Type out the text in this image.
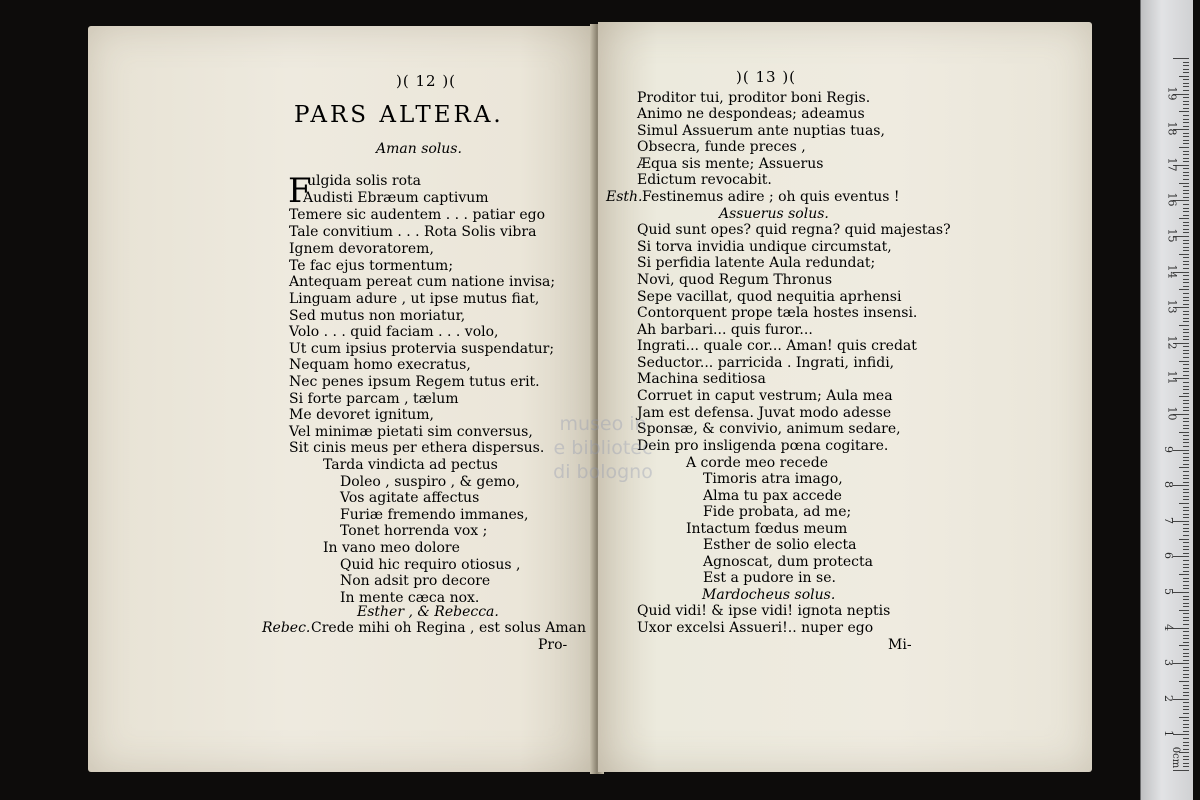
)( 12 )(
PARS ALTERA.
F
Aman solus.
ulgida solis rota
Audisti Ebræum captivum
Temere sic audentem . . . patiar ego
Tale convitium . . . Rota Solis vibra
Ignem devoratorem,
Te fac ejus tormentum;
Antequam pereat cum natione invisa;
Linguam adure , ut ipse mutus fiat,
Sed mutus non moriatur,
Volo . . . quid faciam . . . volo,
Ut cum ipsius protervia suspendatur;
Nequam homo execratus,
Nec penes ipsum Regem tutus erit.
Si forte parcam , tælum
Me devoret ignitum,
Vel minimæ pietati sim conversus,
Sit cinis meus per ethera dispersus.
Tarda vindicta ad pectus
Doleo , suspiro , & gemo,
Vos agitate affectus
Furiæ fremendo immanes,
Tonet horrenda vox ;
In vano meo dolore
Quid hic requiro otiosus ,
Non adsit pro decore
In mente cæca nox.
Esther , & Rebecca.
Rebec. Crede mihi oh Regina , est solus Aman
Pro-
)( 13 )(
Proditor tui, proditor boni Regis.
Animo ne despondeas; adeamus
Simul Assuerum ante nuptias tuas,
Obsecra, funde preces ,
Æqua sis mente; Assuerus
Edictum revocabit.
Esth. Festinemus adire ; oh quis eventus !
Assuerus solus.
Quid sunt opes? quid regna? quid majestas?
Si torva invidia undique circumstat,
Si perfidia latente Aula redundat;
Novi, quod Regum Thronus
Sepe vacillat, quod nequitia aprhensi
Contorquent prope tæla hostes insensi.
Ah barbari... quis furor...
Ingrati... quale cor... Aman! quis credat
Seductor... parricida . Ingrati, infidi,
Machina seditiosa
Corruet in caput vestrum; Aula mea
Jam est defensa. Juvat modo adesse
Sponsæ, & convivio, animum sedare,
Dein pro insligenda pœna cogitare.
A corde meo recede
Timoris atra imago,
Alma tu pax accede
Fide probata, ad me;
Intactum fœdus meum
Esther de solio electa
Agnoscat, dum protecta
Est a pudore in se.
Mardocheus solus.
Quid vidi! & ipse vidi! ignota neptis
Uxor excelsi Assueri!.. nuper ego
Mi-
museo in
e bibliotec
di bologno
1
2
3
4
5
6
7
8
9
10
11
12
13
14
15
16
17
18
19
0cm
